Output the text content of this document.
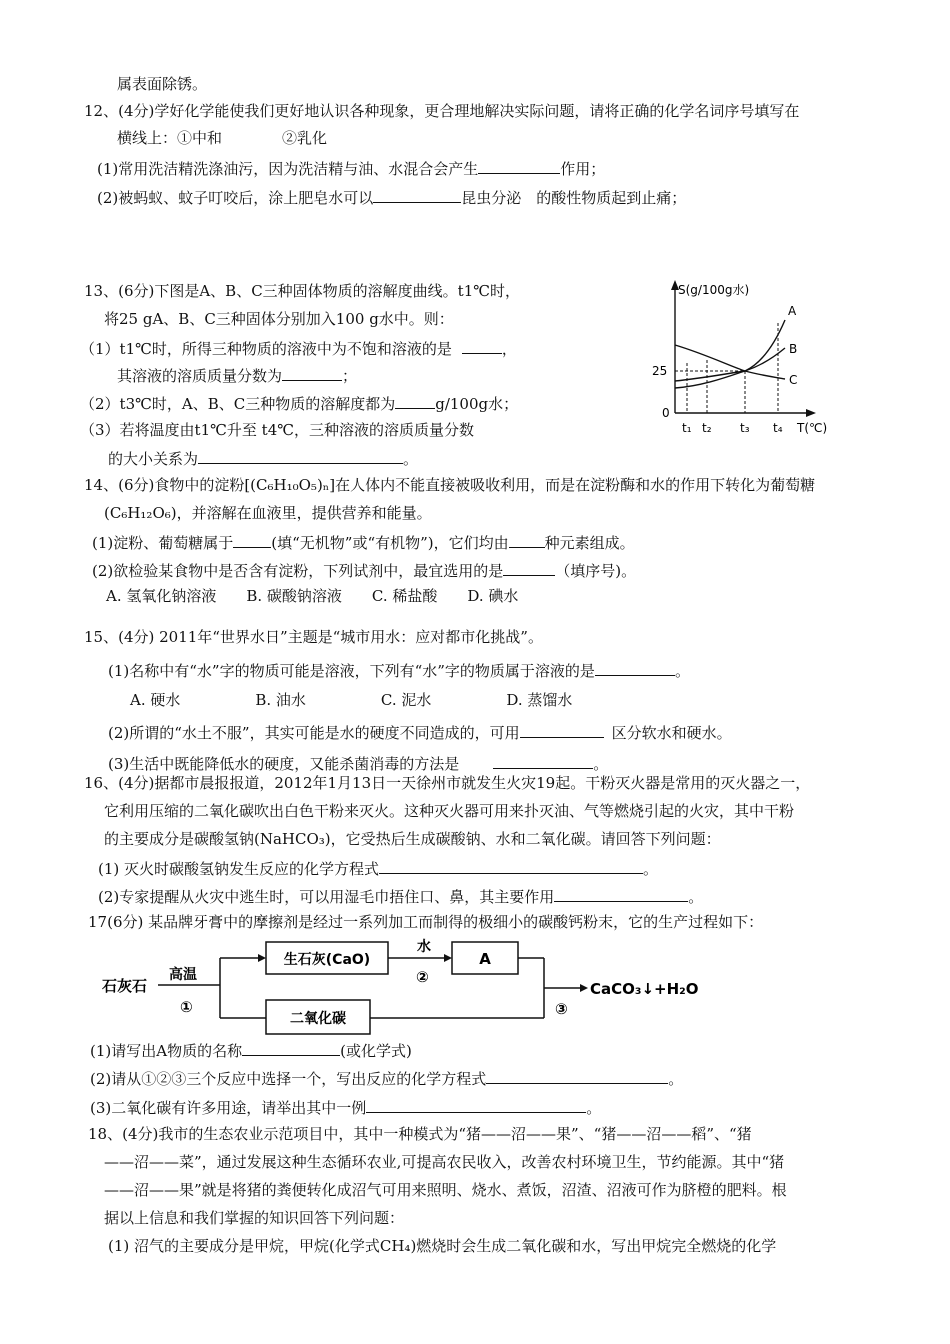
属表面除锈。
12、(4分)学好化学能使我们更好地认识各种现象，更合理地解决实际问题，请将正确的化学名词序号填写在
横线上：①中和　　　　②乳化
(1)常用洗洁精洗涤油污，因为洗洁精与油、水混合会产生	作用；
(2)被蚂蚁、蚊子叮咬后，涂上肥皂水可以	昆虫分泌　的酸性物质起到止痛；
13、(6分)下图是A、B、C三种固体物质的溶解度曲线。t1℃时，
将25 gA、B、C三种固体分别加入100 g水中。则：
（1）t1℃时，所得三种物质的溶液中为不饱和溶液的是	，
其溶液的溶质质量分数为	；
（2）t3℃时，A、B、C三种物质的溶解度都为	g/100g水；
（3）若将温度由t1℃升至 t4℃，三种溶液的溶质质量分数
的大小关系为	。
14、(6分)食物中的淀粉[(C₆H₁₀O₅)ₙ]在人体内不能直接被吸收利用，而是在淀粉酶和水的作用下转化为葡萄糖
(C₆H₁₂O₆)，并溶解在血液里，提供营养和能量。
(1)淀粉、葡萄糖属于	(填“无机物”或“有机物”)，它们均由 种元素组成。
(2)欲检验某食物中是否含有淀粉，下列试剂中，最宜选用的是	（填序号)。
A. 氢氧化钠溶液　　B. 碳酸钠溶液　　C. 稀盐酸　　D. 碘水
15、(4分) 2011年“世界水日”主题是“城市用水：应对都市化挑战”。
(1)名称中有“水”字的物质可能是溶液，下列有“水”字的物质属于溶液的是	。
A. 硬水　　　　　B. 油水　　　　　C. 泥水　　　　　D. 蒸馏水
(2)所谓的“水土不服”，其实可能是水的硬度不同造成的，可用	区分软水和硬水。
(3)生活中既能降低水的硬度，又能杀菌消毒的方法是	。
16、(4分)据都市晨报报道，2012年1月13日一天徐州市就发生火灾19起。干粉灭火器是常用的灭火器之一，
它利用压缩的二氧化碳吹出白色干粉来灭火。这种灭火器可用来扑灭油、气等燃烧引起的火灾，其中干粉
的主要成分是碳酸氢钠(NaHCO₃)，它受热后生成碳酸钠、水和二氧化碳。请回答下列问题：
(1) 灭火时碳酸氢钠发生反应的化学方程式	。
(2)专家提醒从火灾中逃生时，可以用湿毛巾捂住口、鼻，其主要作用	。
17(6分) 某品牌牙膏中的摩擦剂是经过一系列加工而制得的极细小的碳酸钙粉末，它的生产过程如下：
石灰石
高温
①
生石灰(CaO)
水
②
A
二氧化碳
③
CaCO₃↓+H₂O
(1)请写出A物质的名称	(或化学式)
(2)请从①②③三个反应中选择一个，写出反应的化学方程式	。
(3)二氧化碳有许多用途，请举出其中一例	。
18、(4分)我市的生态农业示范项目中，其中一种模式为“猪——沼——果”、“猪——沼——稻”、“猪
——沼——菜”，通过发展这种生态循环农业,可提高农民收入，改善农村环境卫生，节约能源。其中“猪
——沼——果”就是将猪的粪便转化成沼气可用来照明、烧水、煮饭，沼渣、沼液可作为脐橙的肥料。根
据以上信息和我们掌握的知识回答下列问题：
(1) 沼气的主要成分是甲烷，甲烷(化学式CH₄)燃烧时会生成二氧化碳和水，写出甲烷完全燃烧的化学
S(g/100g水)
25
0
A
B
C
t₁ t₂ t₃ t₄ T(℃)
